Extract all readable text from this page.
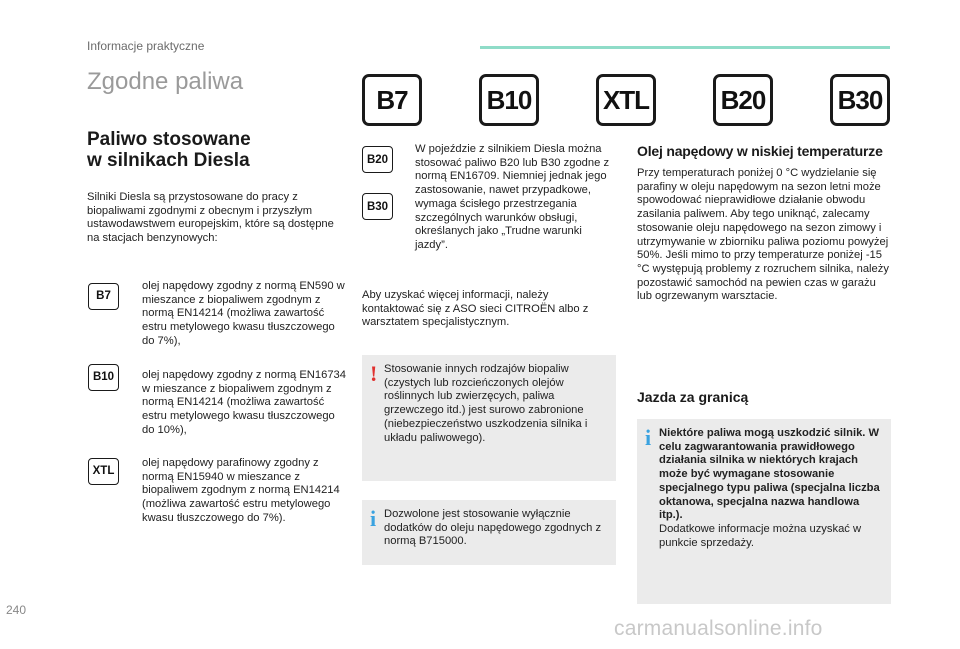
Informacje praktyczne
Zgodne paliwa
B7	B10	XTL	B20	B30
Paliwo stosowane
w silnikach Diesla
Silniki Diesla są przystosowane do pracy z biopaliwami zgodnymi z obecnym i przyszłym ustawodawstwem europejskim, które są dostępne na stacjach benzynowych:
B7
olej napędowy zgodny z normą EN590 w mieszance z biopaliwem zgodnym z normą EN14214 (możliwa zawartość estru metylowego kwasu tłuszczowego do 7%),
B10	olej napędowy zgodny z normą EN16734 w mieszance z biopaliwem zgodnym z normą EN14214 (możliwa zawartość estru metylowego kwasu tłuszczowego do 10%),
XTL
olej napędowy parafinowy zgodny z normą EN15940 w mieszance z biopaliwem zgodnym z normą EN14214 (możliwa zawartość estru metylowego kwasu tłuszczowego do 7%).
B20
B30
W pojeździe z silnikiem Diesla można stosować paliwo B20 lub B30 zgodne z normą EN16709. Niemniej jednak jego zastosowanie, nawet przypadkowe, wymaga ścisłego przestrzegania szczególnych warunków obsługi, określanych jako „Trudne warunki jazdy”.
Aby uzyskać więcej informacji, należy kontaktować się z ASO sieci CITROËN albo z warsztatem specjalistycznym.
! Stosowanie innych rodzajów biopaliw (czystych lub rozcieńczonych olejów roślinnych lub zwierzęcych, paliwa grzewczego itd.) jest surowo zabronione (niebezpieczeństwo uszkodzenia silnika i układu paliwowego).
i Dozwolone jest stosowanie wyłącznie dodatków do oleju napędowego zgodnych z normą B715000.
Olej napędowy w niskiej temperaturze
Przy temperaturach poniżej 0 °C wydzielanie się parafiny w oleju napędowym na sezon letni może spowodować nieprawidłowe działanie obwodu zasilania paliwem. Aby tego uniknąć, zalecamy stosowanie oleju napędowego na sezon zimowy i utrzymywanie w zbiorniku paliwa poziomu powyżej 50%. Jeśli mimo to przy temperaturze poniżej -15 °C występują problemy z rozruchem silnika, należy pozostawić samochód na pewien czas w garażu lub ogrzewanym warsztacie.
Jazda za granicą
i Niektóre paliwa mogą uszkodzić silnik. W celu zagwarantowania prawidłowego działania silnika w niektórych krajach może być wymagane stosowanie specjalnego typu paliwa (specjalna liczba oktanowa, specjalna nazwa handlowa itp.).
Dodatkowe informacje można uzyskać w punkcie sprzedaży.
240
carmanualsonline.info
